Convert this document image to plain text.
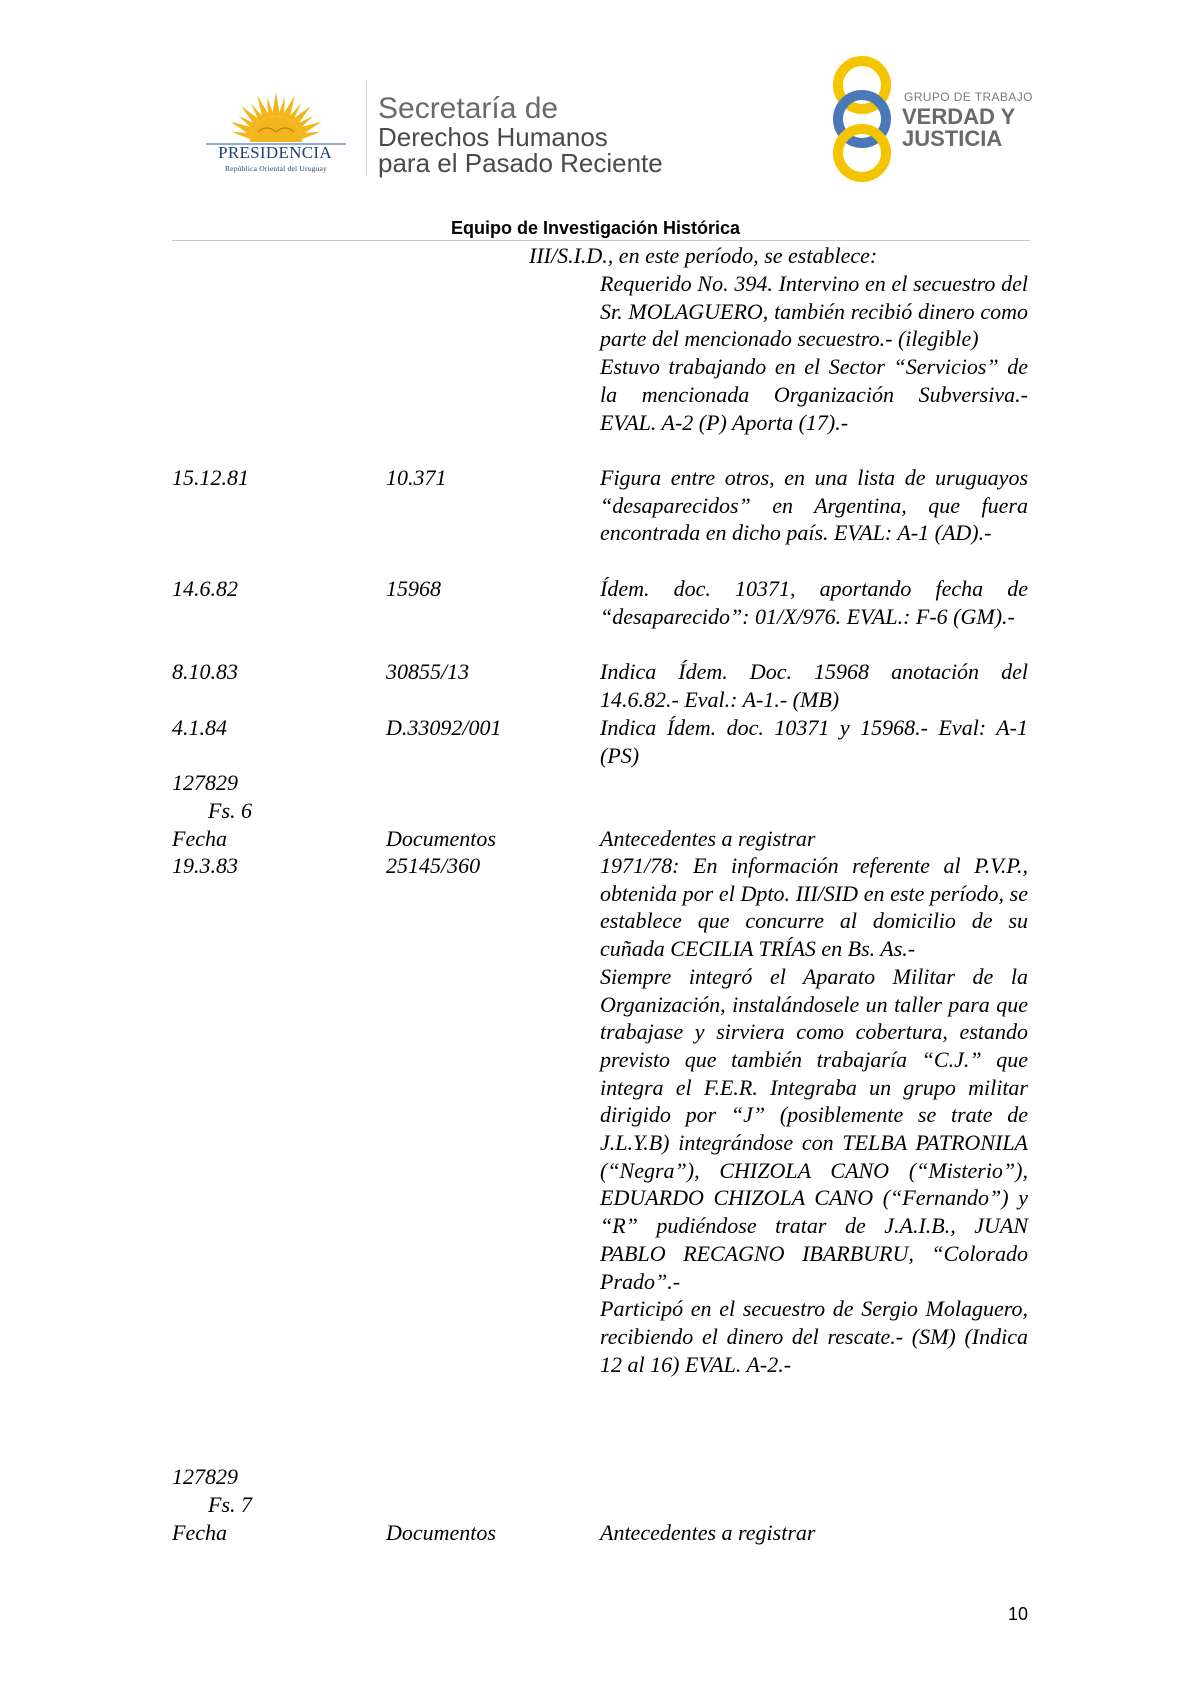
PRESIDENCIA
República Oriental del Uruguay
Secretaría de
Derechos Humanos
para el Pasado Reciente
GRUPO DE TRABAJO
VERDAD Y
JUSTICIA
Equipo de Investigación Histórica
III/S.I.D., en este período, se establece:

Requerido No. 394. Intervino en el secuestro del Sr. MOLAGUERO, también recibió dinero como parte del mencionado secuestro.- (ilegible)

Estuvo trabajando en el Sector “Servicios” de la mencionada Organización Subversiva.- EVAL. A-2 (P) Aporta (17).-

15.12.81	10.371	Figura entre otros, en una lista de uruguayos “desaparecidos” en Argentina, que fuera encontrada en dicho país. EVAL: A-1 (AD).-

14.6.82	15968	Ídem. doc. 10371, aportando fecha de “desaparecido”: 01/X/976. EVAL.: F-6 (GM).-

8.10.83	30855/13	Indica Ídem. Doc. 15968 anotación del 14.6.82.- Eval.: A-1.- (MB)

4.1.84	D.33092/001	Indica Ídem. doc. 10371 y 15968.- Eval: A-1 (PS)

127829
Fs. 6
Fecha	Documentos	Antecedentes a registrar
19.3.83	25145/360	1971/78: En información referente al P.V.P., obtenida por el Dpto. III/SID en este período, se establece que concurre al domicilio de su cuñada CECILIA TRÍAS en Bs. As.-

Siempre integró el Aparato Militar de la Organización, instalándosele un taller para que trabajase y sirviera como cobertura, estando previsto que también trabajaría “C.J.” que integra el F.E.R. Integraba un grupo militar dirigido por “J” (posiblemente se trate de J.L.Y.B) integrándose con TELBA PATRONILA (“Negra”), CHIZOLA CANO (“Misterio”), EDUARDO CHIZOLA CANO (“Fernando”) y “R” pudiéndose tratar de J.A.I.B., JUAN PABLO RECAGNO IBARBURU, “Colorado Prado”.-

Participó en el secuestro de Sergio Molaguero, recibiendo el dinero del rescate.- (SM) (Indica 12 al 16) EVAL. A-2.-

127829
Fs. 7
Fecha	Documentos	Antecedentes a registrar
10
